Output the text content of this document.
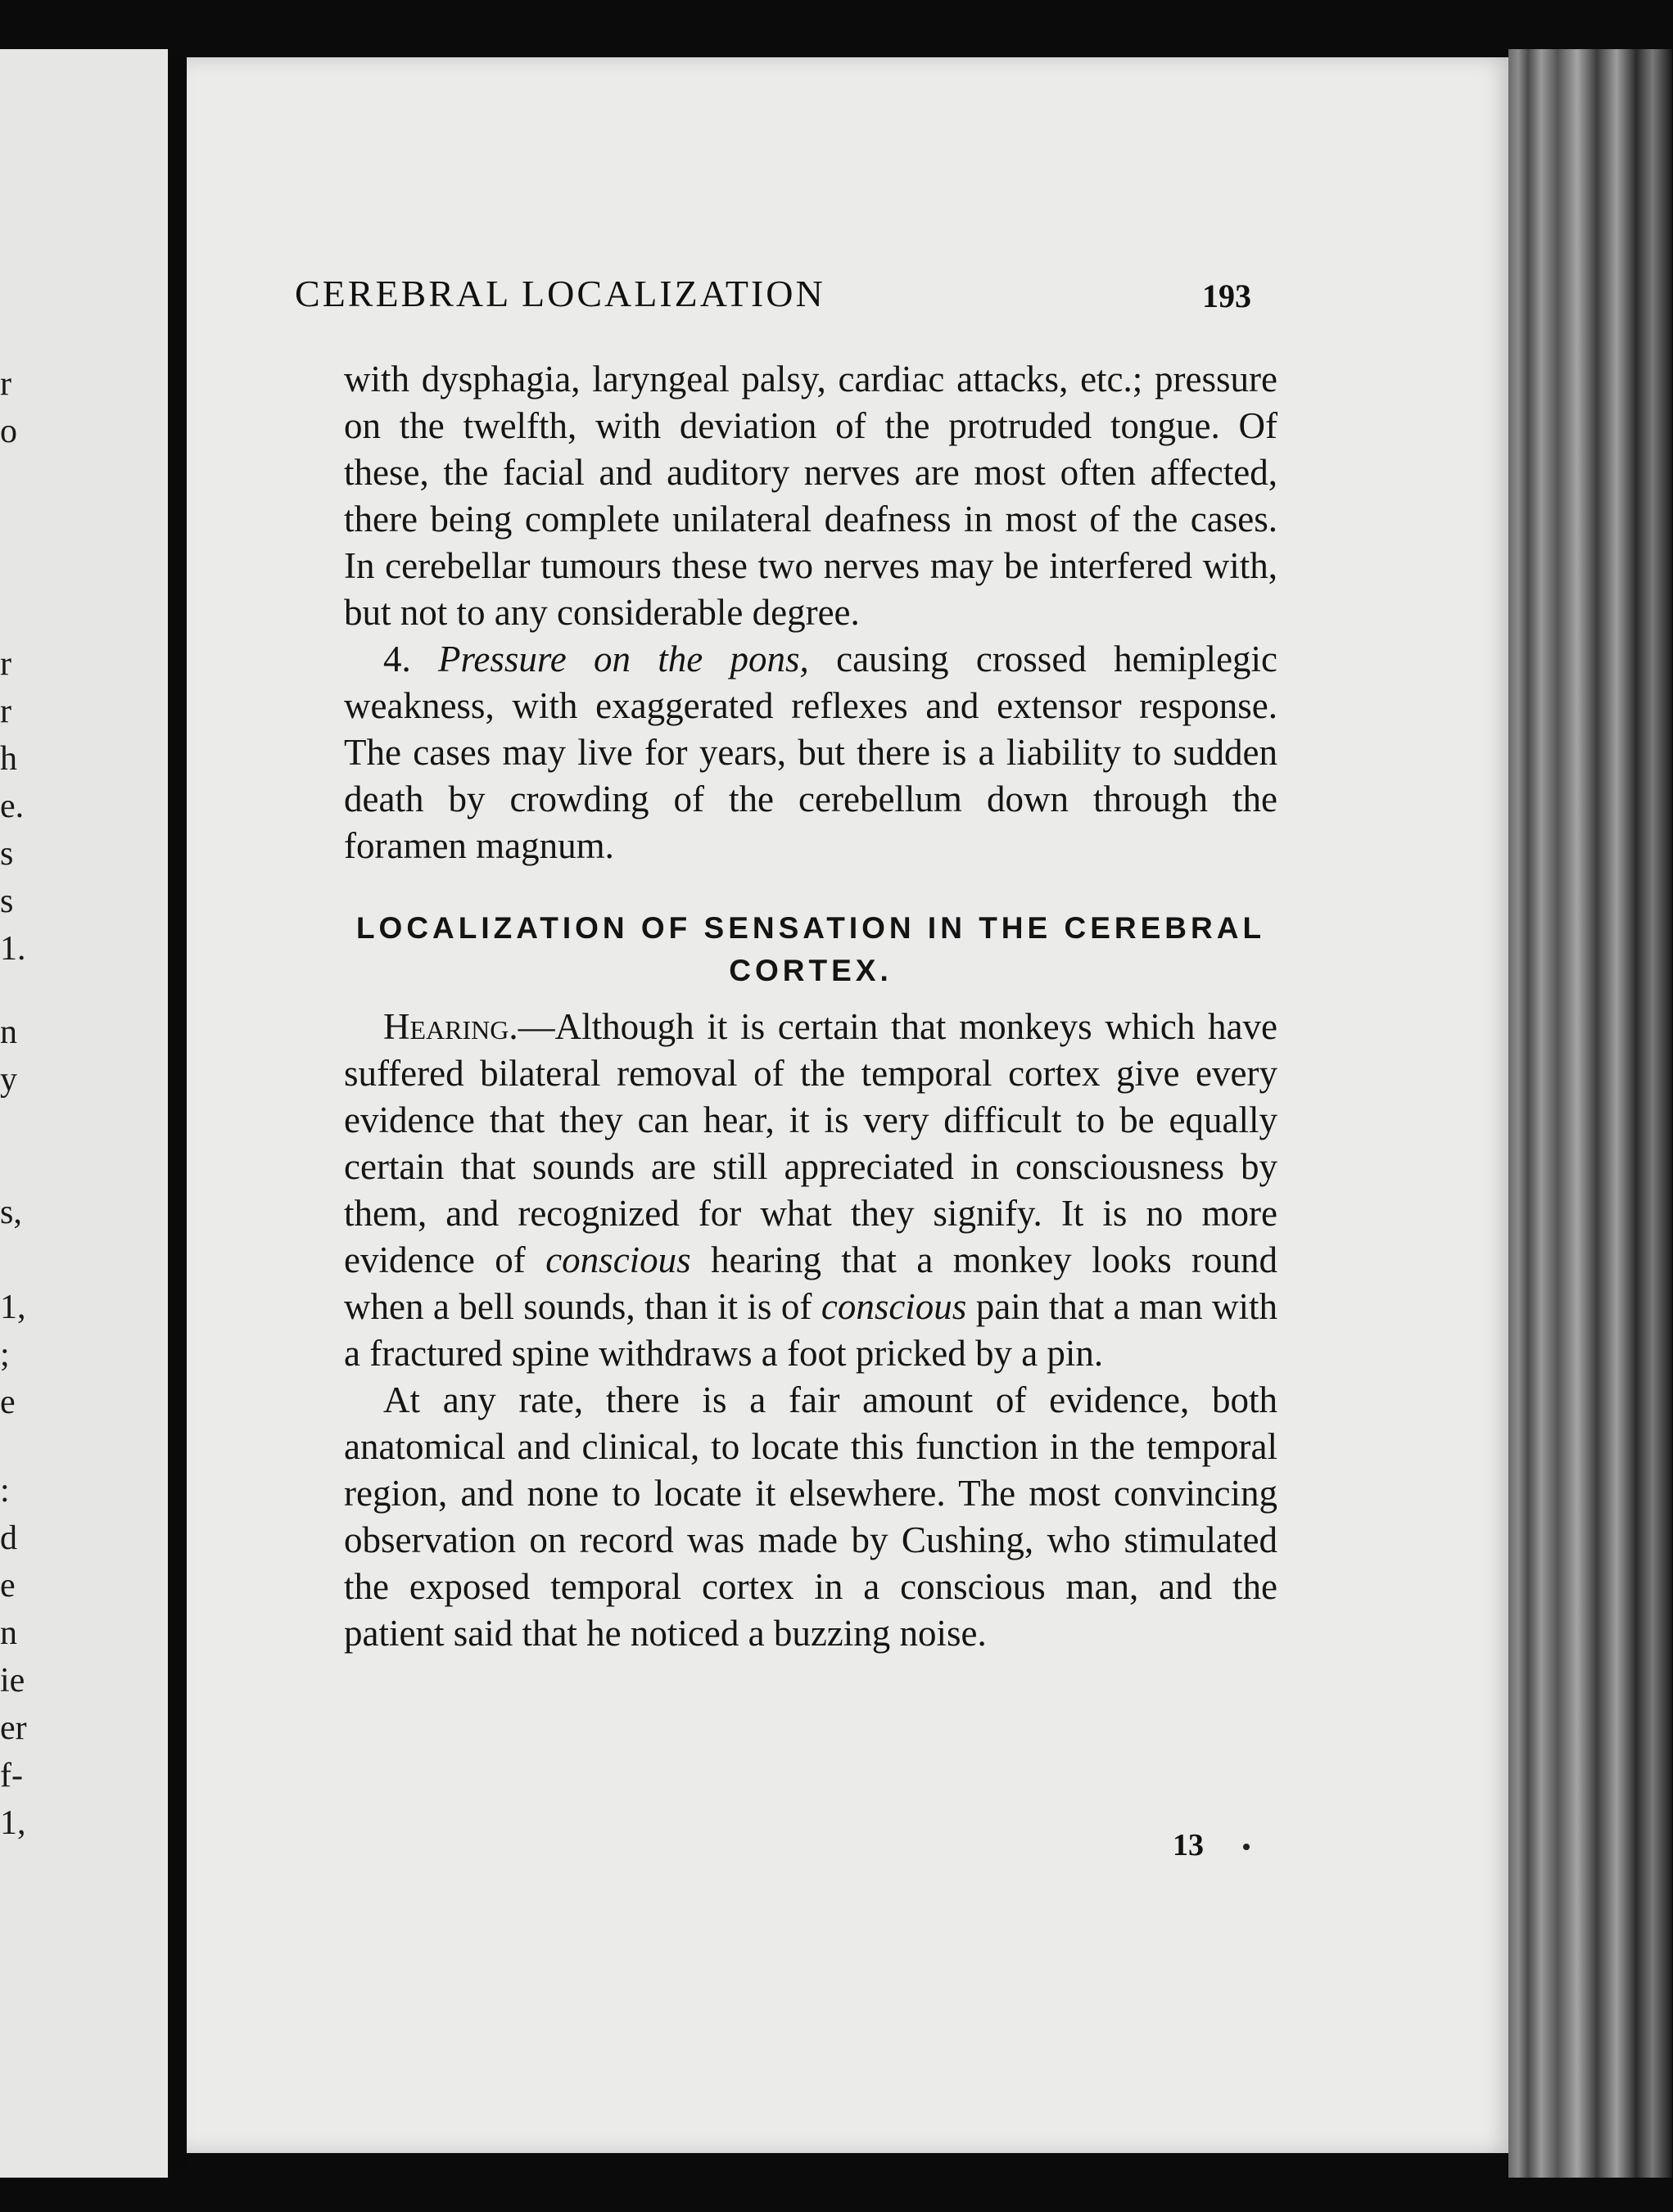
r
o
r
r
h
e.
s
s
1.
n
y
s,
1,
;
e
:
d
e
n
ie
er
f-
1,
CEREBRAL LOCALIZATION	193

with dysphagia, laryngeal palsy, cardiac attacks, etc.; pressure on the twelfth, with deviation of the protruded tongue. Of these, the facial and auditory nerves are most often affected, there being complete unilateral deafness in most of the cases. In cerebellar tumours these two nerves may be interfered with, but not to any considerable degree.

4. Pressure on the pons, causing crossed hemiplegic weakness, with exaggerated reflexes and extensor response. The cases may live for years, but there is a liability to sudden death by crowding of the cerebellum down through the foramen magnum.

LOCALIZATION OF SENSATION IN THE CEREBRAL CORTEX.

Hearing.—Although it is certain that monkeys which have suffered bilateral removal of the temporal cortex give every evidence that they can hear, it is very difficult to be equally certain that sounds are still appreciated in consciousness by them, and recognized for what they signify. It is no more evidence of conscious hearing that a monkey looks round when a bell sounds, than it is of conscious pain that a man with a fractured spine withdraws a foot pricked by a pin.

At any rate, there is a fair amount of evidence, both anatomical and clinical, to locate this function in the temporal region, and none to locate it elsewhere. The most convincing observation on record was made by Cushing, who stimulated the exposed temporal cortex in a conscious man, and the patient said that he noticed a buzzing noise.

13
